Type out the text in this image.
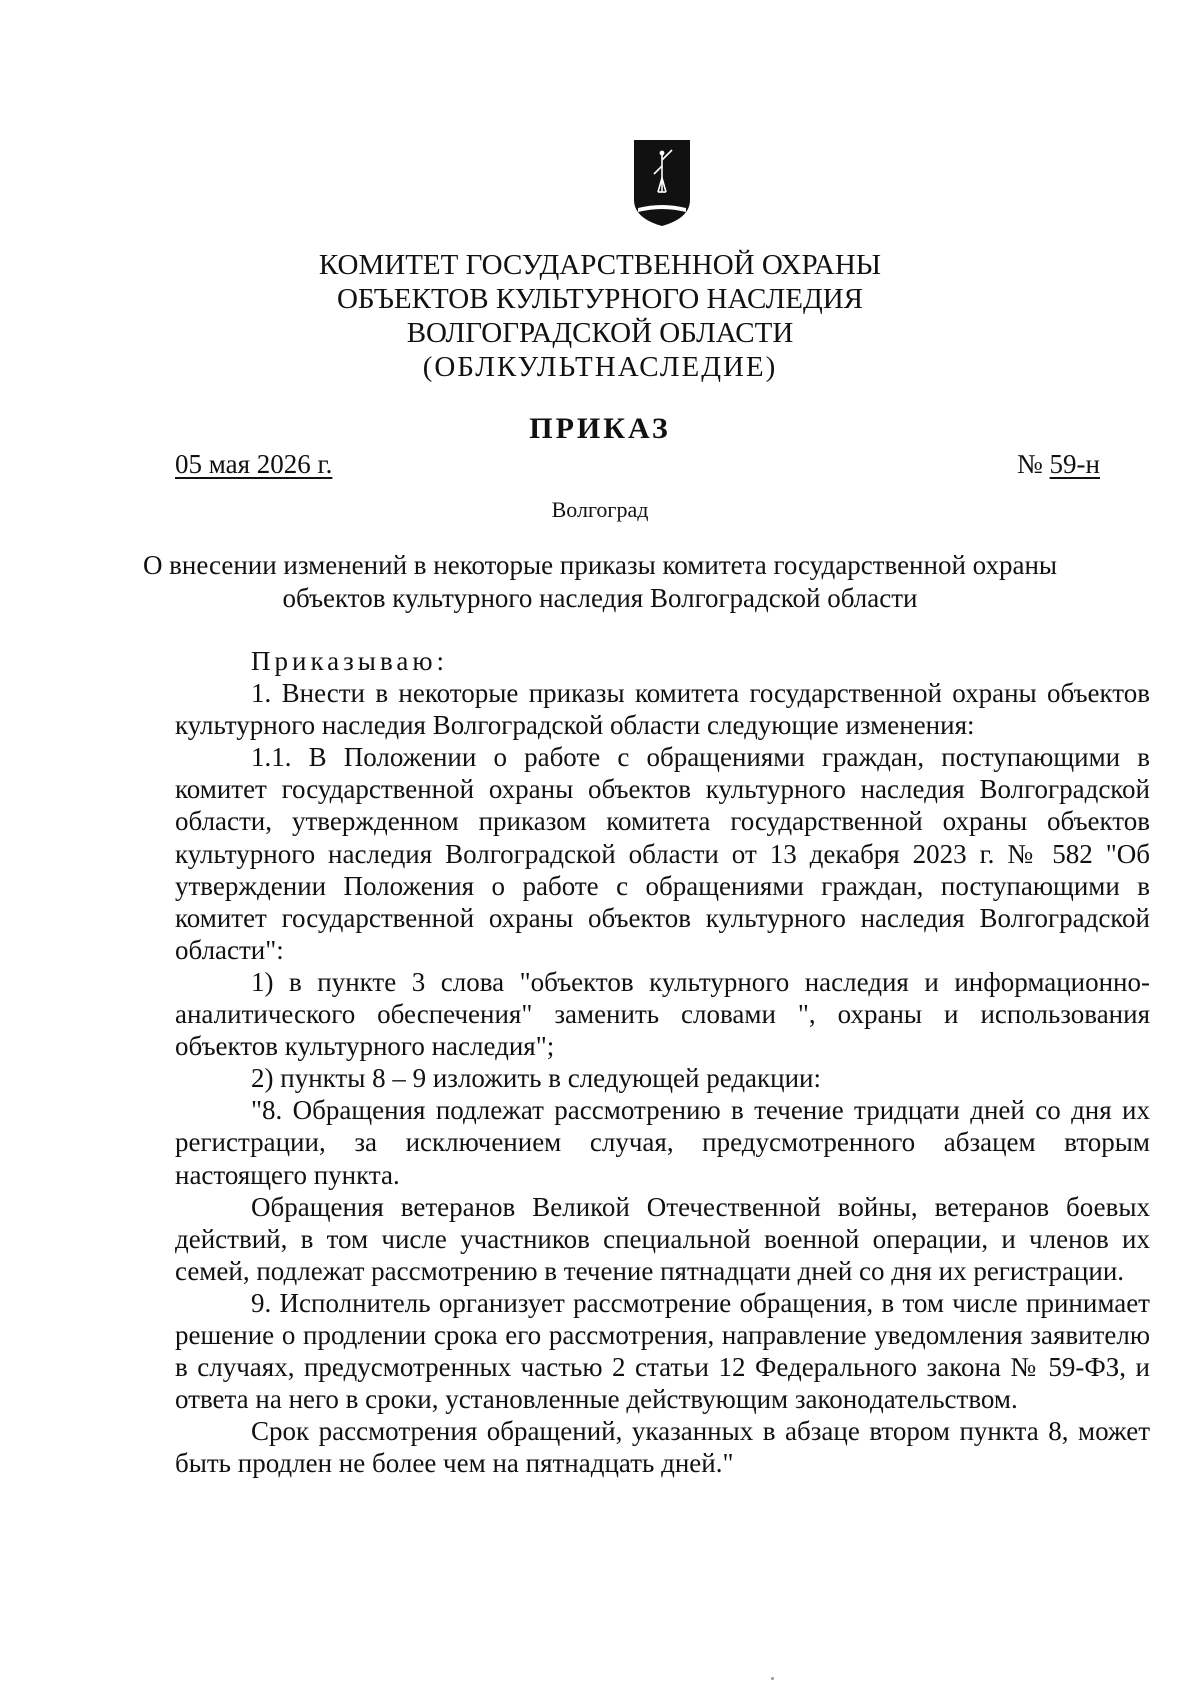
КОМИТЕТ ГОСУДАРСТВЕННОЙ ОХРАНЫ
ОБЪЕКТОВ КУЛЬТУРНОГО НАСЛЕДИЯ
ВОЛГОГРАДСКОЙ ОБЛАСТИ
(ОБЛКУЛЬТНАСЛЕДИЕ)
ПРИКАЗ
05 мая 2026 г.	№ 59-н
Волгоград
О внесении изменений в некоторые приказы комитета государственной охраны
объектов культурного наследия Волгоградской области

Приказываю:

1. Внести в некоторые приказы комитета государственной охраны объектов культурного наследия Волгоградской области следующие изменения:

1.1. В Положении о работе с обращениями граждан, поступающими в комитет государственной охраны объектов культурного наследия Волгоградской области, утвержденном приказом комитета государственной охраны объектов культурного наследия Волгоградской области от 13 декабря 2023 г. № 582 "Об утверждении Положения о работе с обращениями граждан, поступающими в комитет государственной охраны объектов культурного наследия Волгоградской области":

1) в пункте 3 слова "объектов культурного наследия и информационно-аналитического обеспечения" заменить словами ", охраны и использования объектов культурного наследия";

2) пункты 8 – 9 изложить в следующей редакции:

"8. Обращения подлежат рассмотрению в течение тридцати дней со дня их регистрации, за исключением случая, предусмотренного абзацем вторым настоящего пункта.

Обращения ветеранов Великой Отечественной войны, ветеранов боевых действий, в том числе участников специальной военной операции, и членов их семей, подлежат рассмотрению в течение пятнадцати дней со дня их регистрации.

9. Исполнитель организует рассмотрение обращения, в том числе принимает решение о продлении срока его рассмотрения, направление уведомления заявителю в случаях, предусмотренных частью 2 статьи 12 Федерального закона № 59-ФЗ, и ответа на него в сроки, установленные действующим законодательством.

Срок рассмотрения обращений, указанных в абзаце втором пункта 8, может быть продлен не более чем на пятнадцать дней."
